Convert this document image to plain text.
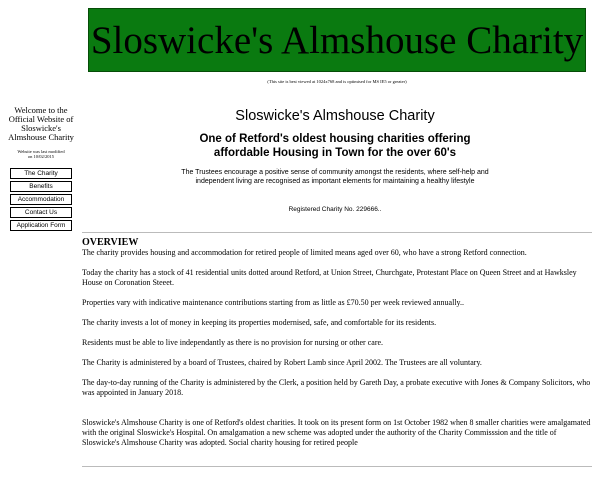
Sloswicke's Almshouse Charity
(This site is best viewed at 1024x768 and is optimised for MS IE5 or greater)
Welcome to the
Official Website of
Sloswicke's
Almshouse Charity
Website was last modified
on 10/02/2015
The Charity
Benefits
Accommodation
Contact Us
Application Form
Sloswicke's Almshouse Charity
One of Retford's oldest housing charities offering
affordable Housing in Town for the over 60's
The Trustees encourage a positive sense of community amongst the residents, where self-help and
independent living are recognised as important elements for maintaining a healthy lifestyle
Registered Charity No. 229666..
OVERVIEW

The charity provides housing and accommodation for retired people of limited means aged over 60, who have a strong Retford connection.

Today the charity has a stock of 41 residential units dotted around Retford, at Union Street, Churchgate, Protestant Place on Queen Street and at Hawksley House on Coronation Steeet.

Properties vary with indicative maintenance contributions starting from as little as £70.50 per week reviewed annually..

The charity invests a lot of money in keeping its properties modernised, safe, and comfortable for its residents.

Residents must be able to live independantly as there is no provision for nursing or other care.

The Charity is administered by a board of Trustees, chaired by Robert Lamb since April 2002. The Trustees are all voluntary.

The day-to-day running of the Charity is administered by the Clerk, a position held by Gareth Day, a probate executive with Jones & Company Solicitors, who was appointed in January 2018.

Sloswicke's Almshouse Charity is one of Retford's oldest charities. It took on its present form on 1st October 1982 when 8 smaller charities were amalgamated with the original Sloswicke's Hospital. On amalgamation a new scheme was adopted under the authority of the Charity Commisssion and the title of Sloswicke's Almshouse Charity was adopted. Social charity housing for retired people
